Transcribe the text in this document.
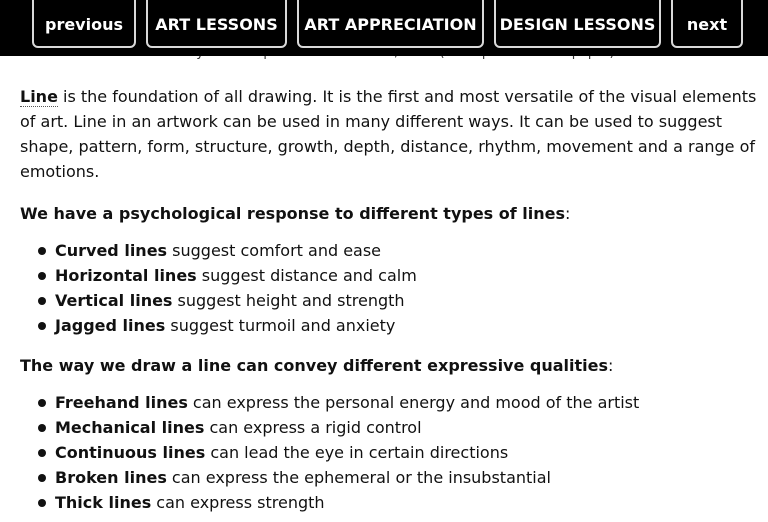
previous	ART LESSONS	ART APPRECIATION	DESIGN LESSONS	next

Line is the foundation of all drawing. It is the first and most versatile of the visual elements of art. Line in an artwork can be used in many different ways. It can be used to suggest shape, pattern, form, structure, growth, depth, distance, rhythm, movement and a range of emotions.

We have a psychological response to different types of lines:

Curved lines suggest comfort and ease
Horizontal lines suggest distance and calm
Vertical lines suggest height and strength
Jagged lines suggest turmoil and anxiety

The way we draw a line can convey different expressive qualities:

Freehand lines can express the personal energy and mood of the artist
Mechanical lines can express a rigid control
Continuous lines can lead the eye in certain directions
Broken lines can express the ephemeral or the insubstantial
Thick lines can express strength
